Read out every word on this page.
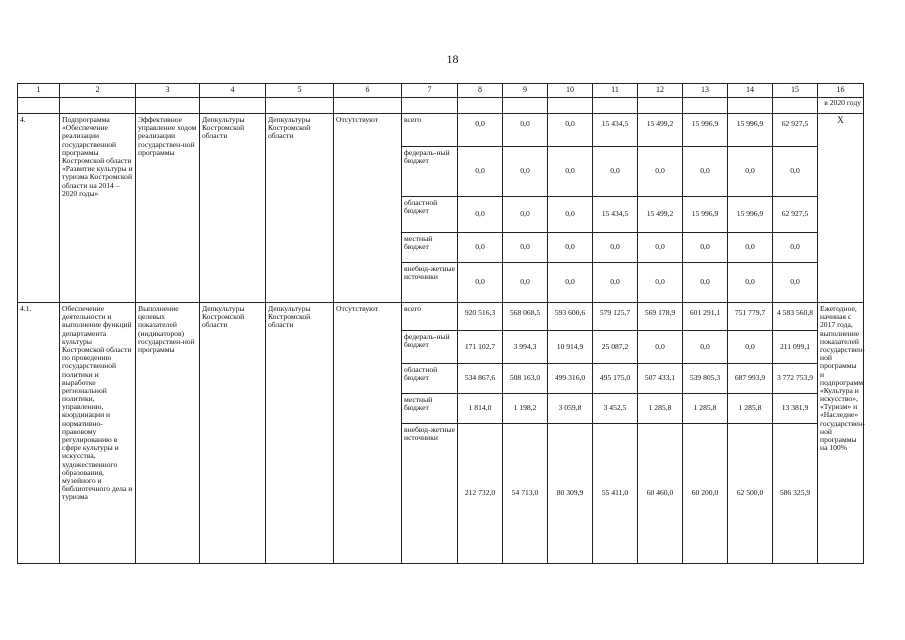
18
1	2	3	4	5	6	7	8	9	10	11	12	13	14	15	16
															в 2020 году
4.	Подпрограмма «Обеспечение реализации государственной программы Костромской области «Развитие культуры и туризма Костромской области на 2014 – 2020 годы»	Эффективное управление ходом реализации государствен-ной программы	Депкультуры Костромской области	Депкультуры Костромской области	Отсутствуют	всего	0,0	0,0	0,0	15 434,5	15 499,2	15 996,9	15 996,9	62 927,5	Х
						федераль-ный бюджет	0,0	0,0	0,0	0,0	0,0	0,0	0,0	0,0	
						областной бюджет	0,0	0,0	0,0	15 434,5	15 499,2	15 996,9	15 996,9	62 927,5	
						местный бюджет	0,0	0,0	0,0	0,0	0,0	0,0	0,0	0,0	
						внебюд-жетные источники	0,0	0,0	0,0	0,0	0,0	0,0	0,0	0,0	
4.1.	Обеспечение деятельности и выполнение функций департамента культуры Костромской области по проведению государственной политики и выработке региональной политики, управлению, координации и нормативно-правовому регулированию в сфере культуры и искусства, художественного образования, музейного и библиотечного дела и туризма	Выполнение целевых показателей (индикаторов) государствен-ной программы	Депкультуры Костромской области	Депкультуры Костромской области	Отсутствуют	всего	920 516,3	568 068,5	593 600,6	579 125,7	569 178,9	601 291,1	751 779,7	4 583 560,8	Ежегодное, начиная с 2017 года, выполнение показателей государствен-ной программы и подпрограмм «Культура и искусство», «Туризм» и «Наследие» государствен-ной программы на 100%
						федераль-ный бюджет	171 102,7	3 994,3	10 914,9	25 087,2	0,0	0,0	0,0	211 099,1	
						областной бюджет	534 867,6	508 163,0	499 316,0	495 175,0	507 433,1	539 805,3	687 993,9	3 772 753,9	
						местный бюджет	1 814,0	1 198,2	3 059,8	3 452,5	1 285,8	1 285,8	1 285,8	13 381,9	
						внебюд-жетные источники	212 732,0	54 713,0	80 309,9	55 411,0	60 460,0	60 200,0	62 500,0	586 325,9	
